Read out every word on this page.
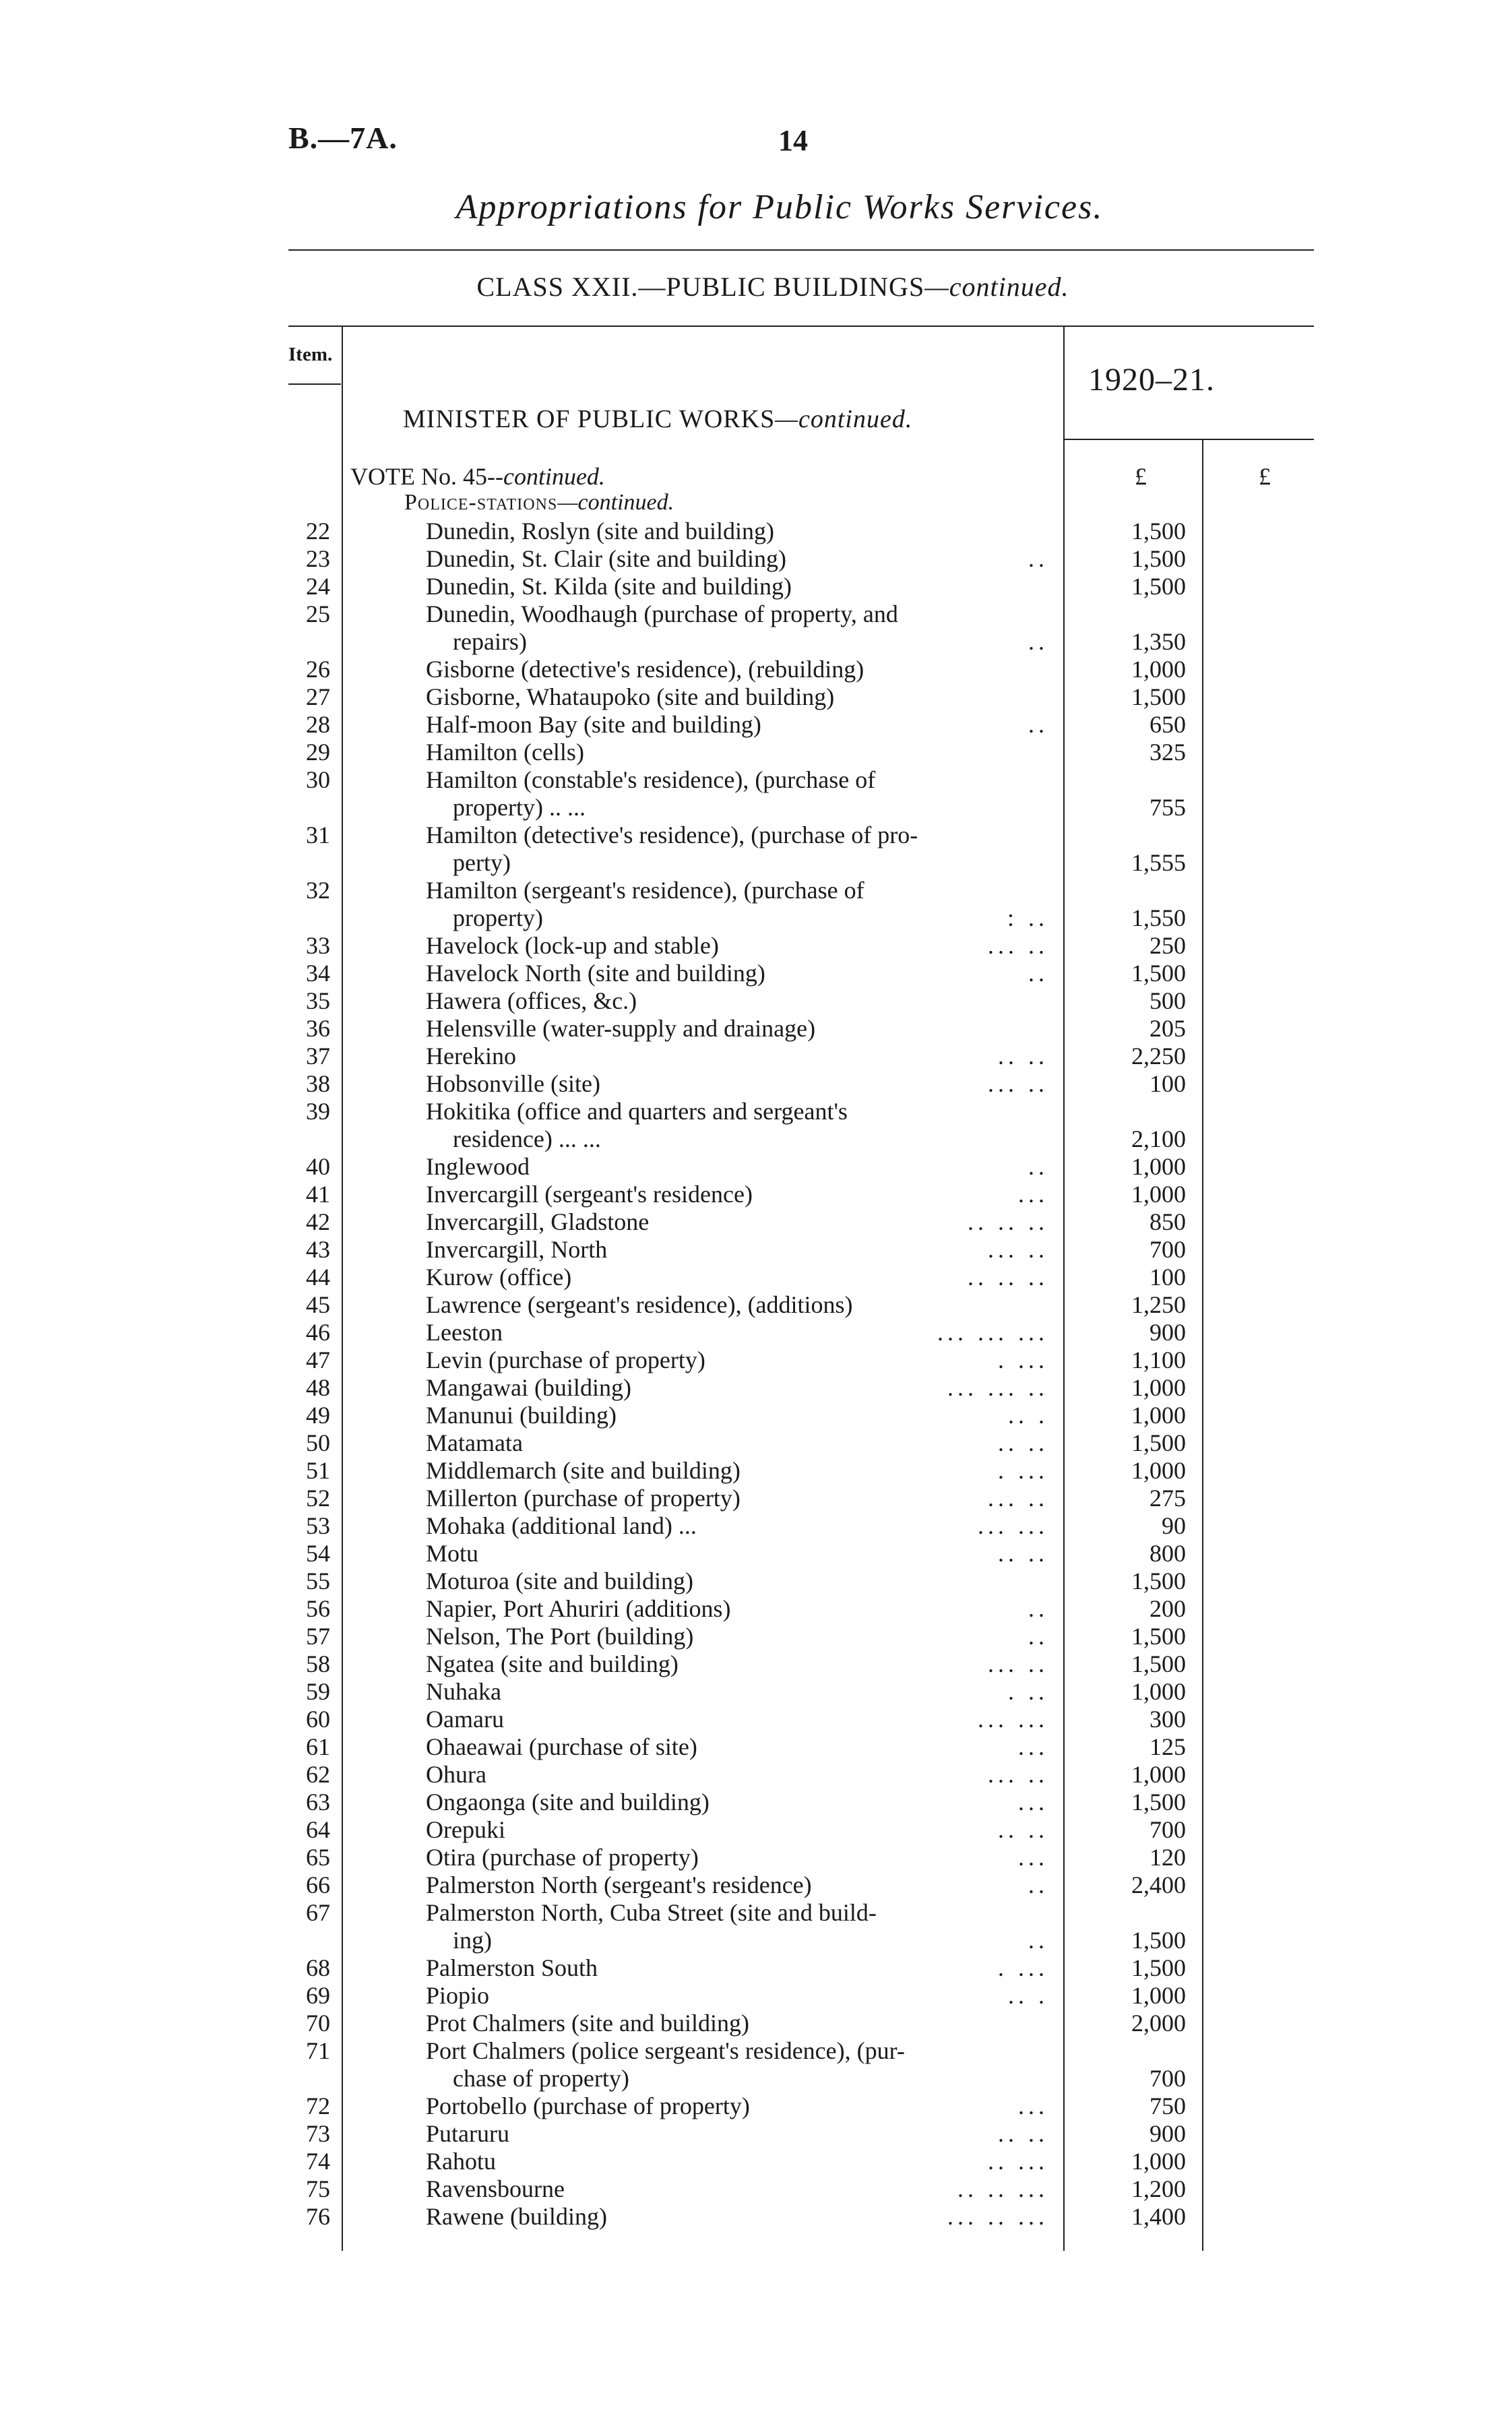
B.—7A.	14
Appropriations for Public Works Services.
CLASS XXII.—PUBLIC BUILDINGS—continued.
Item.
MINISTER OF PUBLIC WORKS—continued.
1920–21.
VOTE No. 45--continued.	£	£
Police-stations—continued.
22	Dunedin, Roslyn (site and building)	1,500
23	Dunedin, St. Clair (site and building)	..	1,500
24	Dunedin, St. Kilda (site and building)	1,500
25	Dunedin, Woodhaugh (purchase of property, and
repairs)	..	1,350
26	Gisborne (detective's residence), (rebuilding)	1,000
27	Gisborne, Whataupoko (site and building)	1,500
28	Half-moon Bay (site and building)	..	650
29	Hamilton (cells)	325
30	Hamilton (constable's residence), (purchase of
property) .. ...	755
31	Hamilton (detective's residence), (purchase of pro-
perty)	1,555
32	Hamilton (sergeant's residence), (purchase of
property)	: ..	1,550
33	Havelock (lock-up and stable)	... ..	250
34	Havelock North (site and building)	..	1,500
35	Hawera (offices, &c.)	500
36	Helensville (water-supply and drainage)	205
37	Herekino	.. ..	2,250
38	Hobsonville (site)	... ..	100
39	Hokitika (office and quarters and sergeant's
residence) ... ...	2,100
40	Inglewood	..	1,000
41	Invercargill (sergeant's residence)	...	1,000
42	Invercargill, Gladstone	.. .. ..	850
43	Invercargill, North	... ..	700
44	Kurow (office)	.. .. ..	100
45	Lawrence (sergeant's residence), (additions)	1,250
46	Leeston	... ... ...	900
47	Levin (purchase of property)	. ...	1,100
48	Mangawai (building)	... ... ..	1,000
49	Manunui (building)	.. .	1,000
50	Matamata	.. ..	1,500
51	Middlemarch (site and building)	. ...	1,000
52	Millerton (purchase of property)	... ..	275
53	Mohaka (additional land) ...	... ...	90
54	Motu	.. ..	800
55	Moturoa (site and building)	1,500
56	Napier, Port Ahuriri (additions)	..	200
57	Nelson, The Port (building)	..	1,500
58	Ngatea (site and building)	... ..	1,500
59	Nuhaka	. ..	1,000
60	Oamaru	... ...	300
61	Ohaeawai (purchase of site)	...	125
62	Ohura	... ..	1,000
63	Ongaonga (site and building)	...	1,500
64	Orepuki	.. ..	700
65	Otira (purchase of property)	...	120
66	Palmerston North (sergeant's residence)	..	2,400
67	Palmerston North, Cuba Street (site and build-
ing)	..	1,500
68	Palmerston South	. ...	1,500
69	Piopio	.. .	1,000
70	Prot Chalmers (site and building)	2,000
71	Port Chalmers (police sergeant's residence), (pur-
chase of property)	700
72	Portobello (purchase of property)	...	750
73	Putaruru	.. ..	900
74	Rahotu	.. ...	1,000
75	Ravensbourne	.. .. ...	1,200
76	Rawene (building)	... .. ...	1,400
